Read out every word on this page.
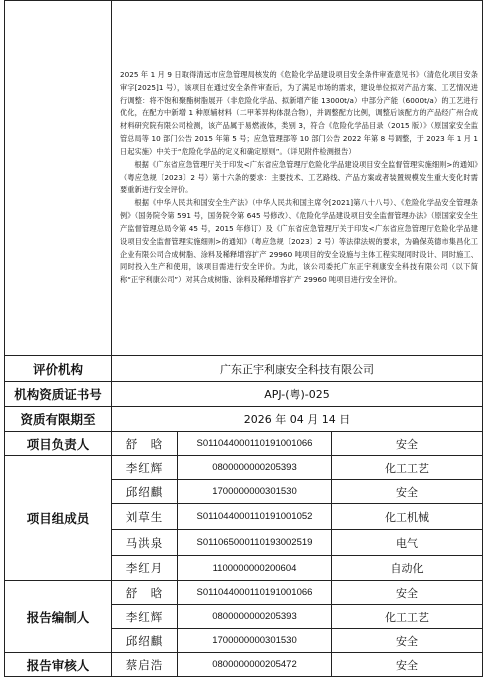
	2025 年 1 月 9 日取得清远市应急管理局核发的《危险化学品建设项目安全条件审查意见书》（清危化项目安条审字[2025]1 号），该项目在通过安全条件审查后，为了满足市场的需求，建设单位拟对产品方案、工艺情况进行调整：将不饱和聚酯树脂展开（非危险化学品、拟新增产能 13000t/a）中部分产能（6000t/a）的工艺进行优化，在配方中新增 1 种原辅材料（二甲苯异构体混合物），并调整配方比例，调整后该配方的产品经广州合成材料研究院有限公司检测，该产品属于易燃液体，类别 3，符合《危险化学品目录（2015 版）》（原国家安全监管总局等 10 部门公告 2015 年第 5 号；应急管理部等 10 部门公告 2022 年第 8 号调整，于 2023 年 1 月 1 日起实施）中关于“危险化学品的定义和确定原则”。（详见附件检测报告）

根据《广东省应急管理厅关于印发<广东省应急管理厅危险化学品建设项目安全监督管理实施细则>的通知》（粤应急规〔2023〕2 号）第十六条的要求：主要技术、工艺路线、产品方案或者装置规模发生重大变化时需要重新进行安全评价。

根据《中华人民共和国安全生产法》（中华人民共和国主席令[2021]第八十八号）、《危险化学品安全管理条例》（国务院令第 591 号，国务院令第 645 号修改）、《危险化学品建设项目安全监督管理办法》（原国家安全生产监督管理总局令第 45 号，2015 年修订）及《广东省应急管理厅关于印发<广东省应急管理厅危险化学品建设项目安全监督管理实施细则>的通知》（粤应急规〔2023〕2 号）等法律法规的要求，为确保英德市集昌化工企业有限公司合成树脂、涂料及稀释增容扩产 29960 吨项目的安全设施与主体工程实现同时设计、同时施工、同时投入生产和使用，该项目需进行安全评价。为此，该公司委托广东正宇利康安全科技有限公司（以下简称“正宇利康公司”）对其合成树脂、涂料及稀释增容扩产 29960 吨项目进行安全评价。		

评价机构	广东正宇利康安全科技有限公司		
机构资质证书号	APJ-(粤)-025		
资质有限期至	2026 年 04 月 14 日		
项目负责人	舒　晗	S011044000110191001066	安全
项目组成员	李红辉	0800000000205393	化工工艺
	邱绍麒	1700000000301530	安全
	刘草生	S011044000110191001052	化工机械
	马洪泉	S011065000110193002519	电气
	李红月	1100000000200604	自动化
报告编制人	舒　晗	S011044000110191001066	安全
	李红辉	0800000000205393	化工工艺
	邱绍麒	1700000000301530	安全
报告审核人	蔡启浩	0800000000205472	安全
